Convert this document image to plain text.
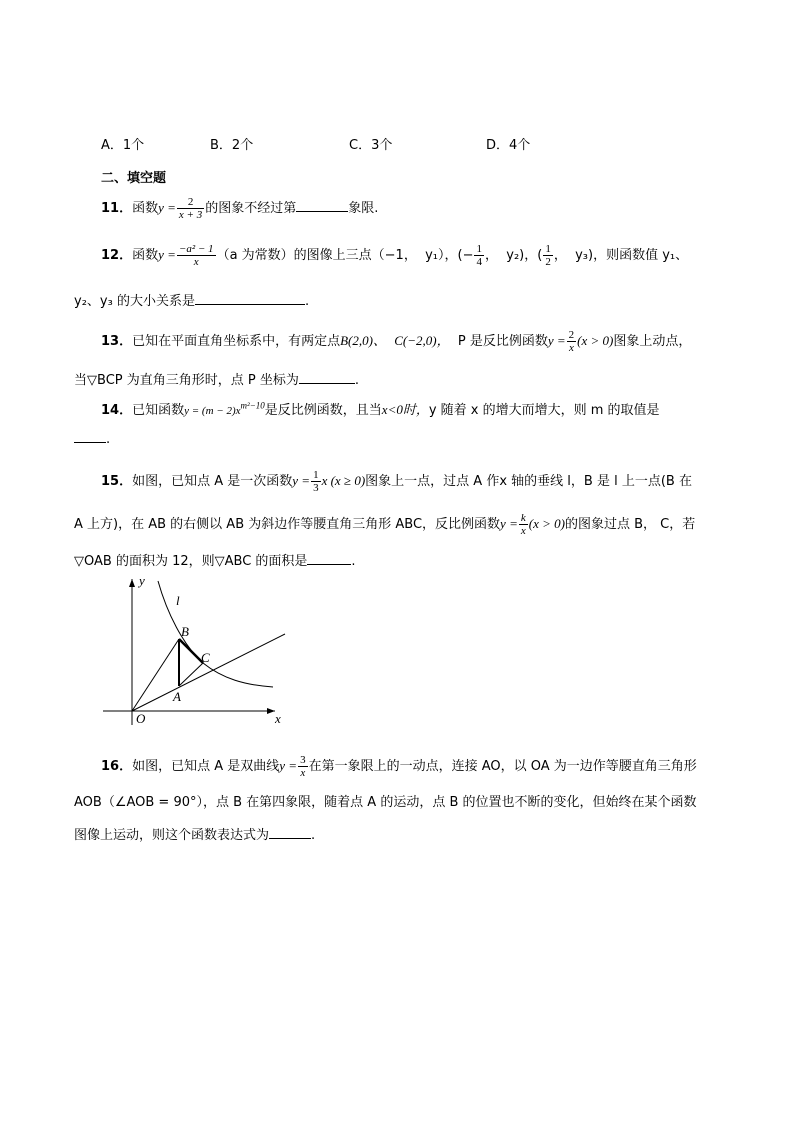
A．1个	B．2个	C．3个	D．4个
二、填空题
11．函数$y = \frac{2}{x + 3}$ 的图象不经过第	象限.
12．函数$y = \frac{\text{−a² − 1}}{x} (a$ 为常数）的图像上三点（−1， y₁），(− $\frac{1}{4}$ ， y₂)，( $\frac{1}{2}$ ， y₃)，则函数值 y₁、
y₂、y₃ 的大小关系是	.
13．已知在平面直角坐标系中，有两定点B(2,0)、 C(−2,0)， P 是反比例函数$y = \frac{2}{x} (x > 0)$图象上动点，
当▽BCP 为直角三角形时，点 P 坐标为	.
14．已知函数$y = (m - 2)x^{m^2-10}$是反比例函数，且当x<0时，y 随着 x 的增大而增大，则 m 的取值是
.
15．如图，已知点 A 是一次函数$y = \frac{1}{3}$ x (x ≥ 0)图象上一点，过点 A 作x 轴的垂线 l，B 是 l 上一点(B 在
A 上方)，在 AB 的右侧以 AB 为斜边作等腰直角三角形 ABC，反比例函数$y = \frac{k}{x} (x > 0)$的图象过点 B， C，若
▽OAB 的面积为 12，则▽ABC 的面积是	.
y
x
O
l
B
C
A
16．如图，已知点 A 是双曲线$y = \frac{3}{x}$ 在第一象限上的一动点，连接 AO，以 OA 为一边作等腰直角三角形
AOB（∠AOB = 90°），点 B 在第四象限，随着点 A 的运动，点 B 的位置也不断的变化，但始终在某个函数
图像上运动，则这个函数表达式为	.
